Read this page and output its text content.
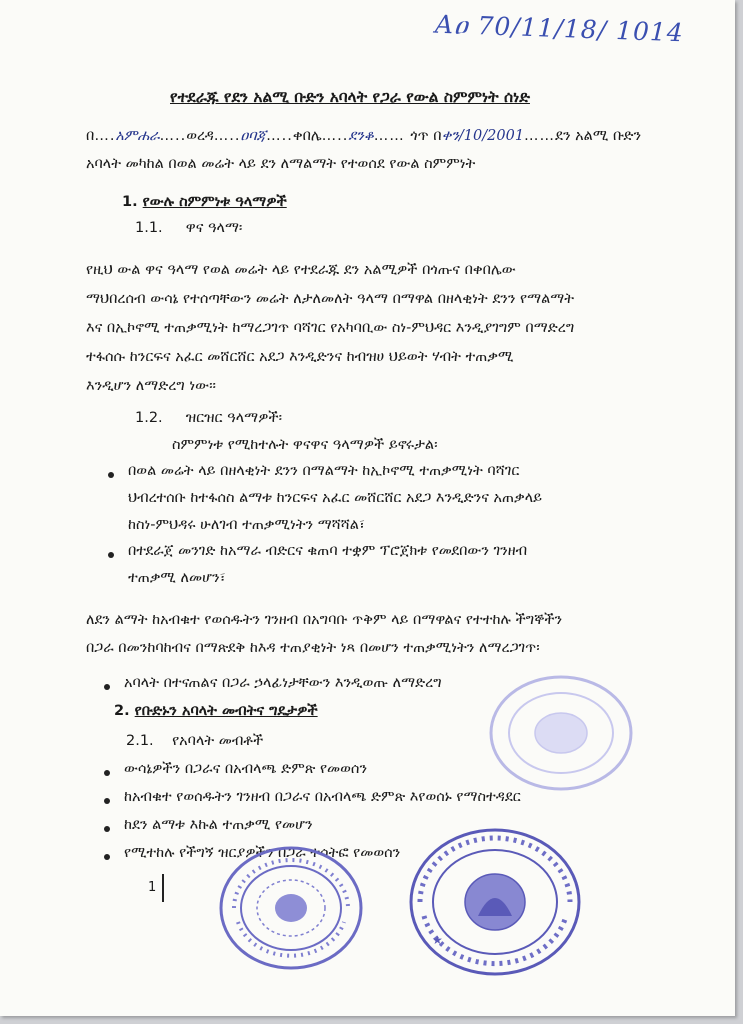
Aዐ 70/11/18/ 1014
የተደራጁ የደን አልሚ ቡድን አባላት የጋራ የውል ስምምነት ሰነድ
በ….አምሐራ…..ወረዳ…..ዐባጃ…..ቀበሌ…..ደንቆ…… ጎጥ በቀን/10/2001……ደን አልሚ ቡድን
አባላት መካከል በወል መሬት ላይ ደን ለማልማት የተወሰደ የውል ስምምነት
1. የውሉ ስምምነቱ ዓላማዎች
1.1. ዋና ዓላማ፡
የዚህ ውል ዋና ዓላማ የወል መሬት ላይ የተደራጁ ደን አልሚዎች በጎጡና በቀበሌው
ማህበረሰብ ውሳኔ የተሰጣቸውን መሬት ለታለመለት ዓላማ በማዋል በዘላቂነት ደንን የማልማት
እና በኢኮኖሚ ተጠቃሚነት ከማረጋገጥ ባሻገር የአካባቢው ስነ-ምህዳር እንዲያገግም በማድረግ
ተፋሰሱ ከንርፍና አፈር መሸርሸር አደጋ እንዲድንና ከብዝሀ ህይወት ሃብት ተጠቃሚ
እንዲሆን ለማድረግ ነው፡፡
1.2. ዝርዝር ዓላማዎች፡
ስምምነቱ የሚከተሉት ዋናዋና ዓላማዎች ይኖሩታል፡
በወል መሬት ላይ በዘላቂነት ደንን በማልማት ከኢኮኖሚ ተጠቃሚነት ባሻገር
ህብረተሰቡ ከተፋሰስ ልማቱ ከንርፍና አፈር መሸርሸር አደጋ እንዲድንና አጠቃላይ
ከስነ-ምህዳሩ ሁለገብ ተጠቃሚነትን ማሻሻል፣
በተደራጀ መንገድ ከአማራ ብድርና ቁጠባ ተቋም ፕሮጀክቱ የመደበውን ገንዘብ
ተጠቃሚ ለመሆን፣
ለደን ልማት ከአብቁተ የወሰዱትን ገንዘብ በአግባቡ ጥቅም ላይ በማዋልና የተተከሉ ችግኞችን
በጋራ በመንከባከብና በማጽደቅ ከእዳ ተጠያቂነት ነጻ በመሆን ተጠቃሚነትን ለማረጋገጥ፡
አባላት በተናጠልና በጋራ ኃላፊነታቸውን እንዲወጡ ለማድረግ
2. የቡድኑን አባላት መብትና ግዴታዎች
2.1. የአባላት መብቶች
ውሳኔዎችን በጋራና በአብላጫ ድምጽ የመወሰን
ከአብቁተ የወሰዱትን ገንዘብ በጋራና በአብላጫ ድምጽ እየወሰኑ የማስተዳደር
ከደን ልማቱ እኩል ተጠቃሚ የመሆን
የሚተከሉ የችግኝ ዝርያዎችን በጋራ ተሳትፎ የመወሰን
1
★
